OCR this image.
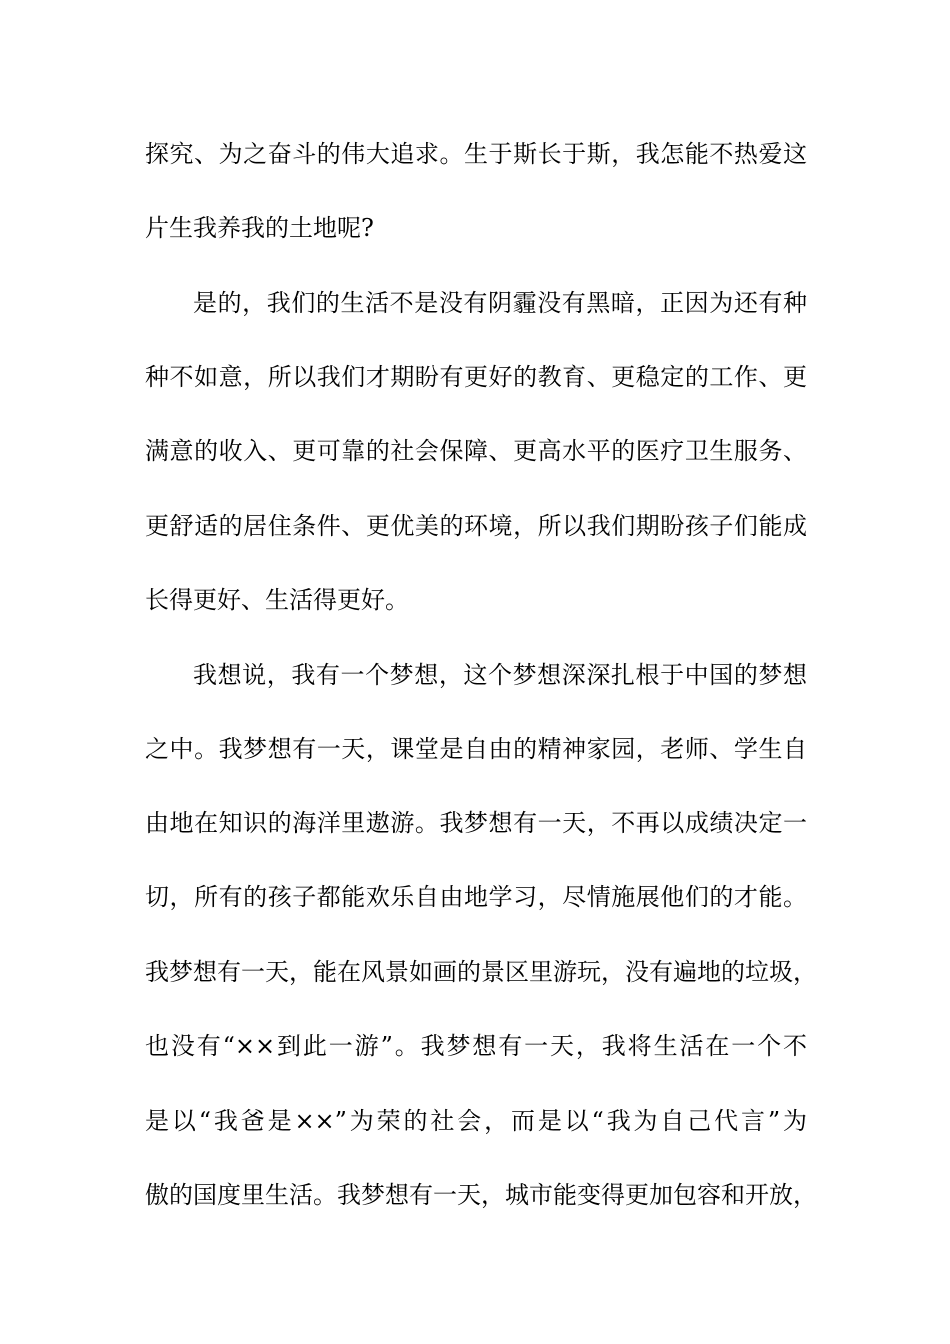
探究、为之奋斗的伟大追求。生于斯长于斯，我怎能不热爱这
片生我养我的土地呢?
是的，我们的生活不是没有阴霾没有黑暗，正因为还有种
种不如意，所以我们才期盼有更好的教育、更稳定的工作、更
满意的收入、更可靠的社会保障、更高水平的医疗卫生服务、
更舒适的居住条件、更优美的环境，所以我们期盼孩子们能成
长得更好、生活得更好。
我想说，我有一个梦想，这个梦想深深扎根于中国的梦想
之中。我梦想有一天，课堂是自由的精神家园，老师、学生自
由地在知识的海洋里遨游。我梦想有一天，不再以成绩决定一
切，所有的孩子都能欢乐自由地学习，尽情施展他们的才能。
我梦想有一天，能在风景如画的景区里游玩，没有遍地的垃圾，
也没有“××到此一游”。我梦想有一天，我将生活在一个不
是以“我爸是××”为荣的社会，而是以“我为自己代言”为
傲的国度里生活。我梦想有一天，城市能变得更加包容和开放，
